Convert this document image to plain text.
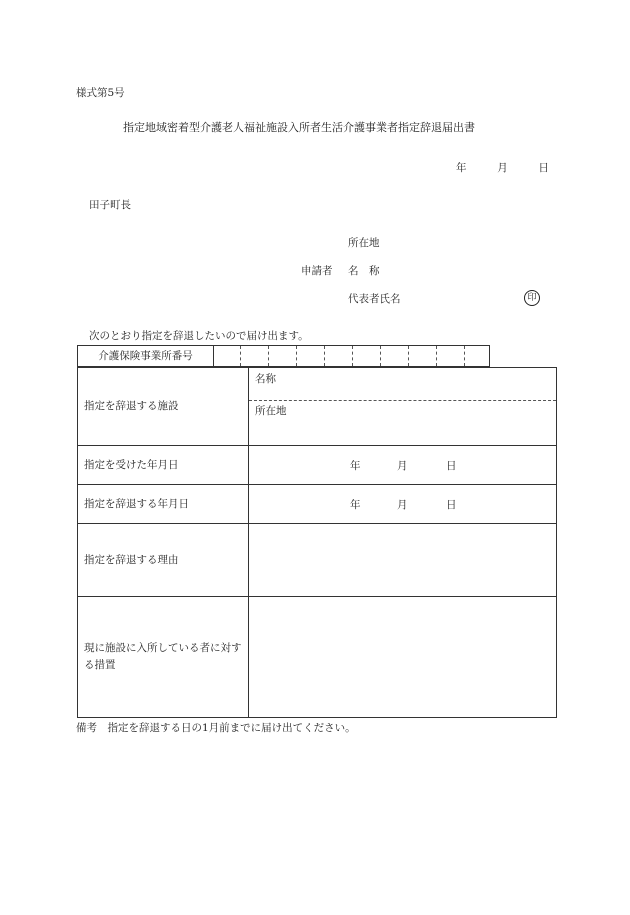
様式第5号
指定地域密着型介護老人福祉施設入所者生活介護事業者指定辞退届出書
年	月	日
田子町長
所在地
申請者 名　称
代表者氏名	印
次のとおり指定を辞退したいので届け出ます。
介護保険事業所番号
指定を辞退する施設
名称
所在地
指定を受けた年月日	年	月	日
指定を辞退する年月日	年	月	日
指定を辞退する理由
現に施設に入所している者に対する措置
備考　指定を辞退する日の1月前までに届け出てください。
